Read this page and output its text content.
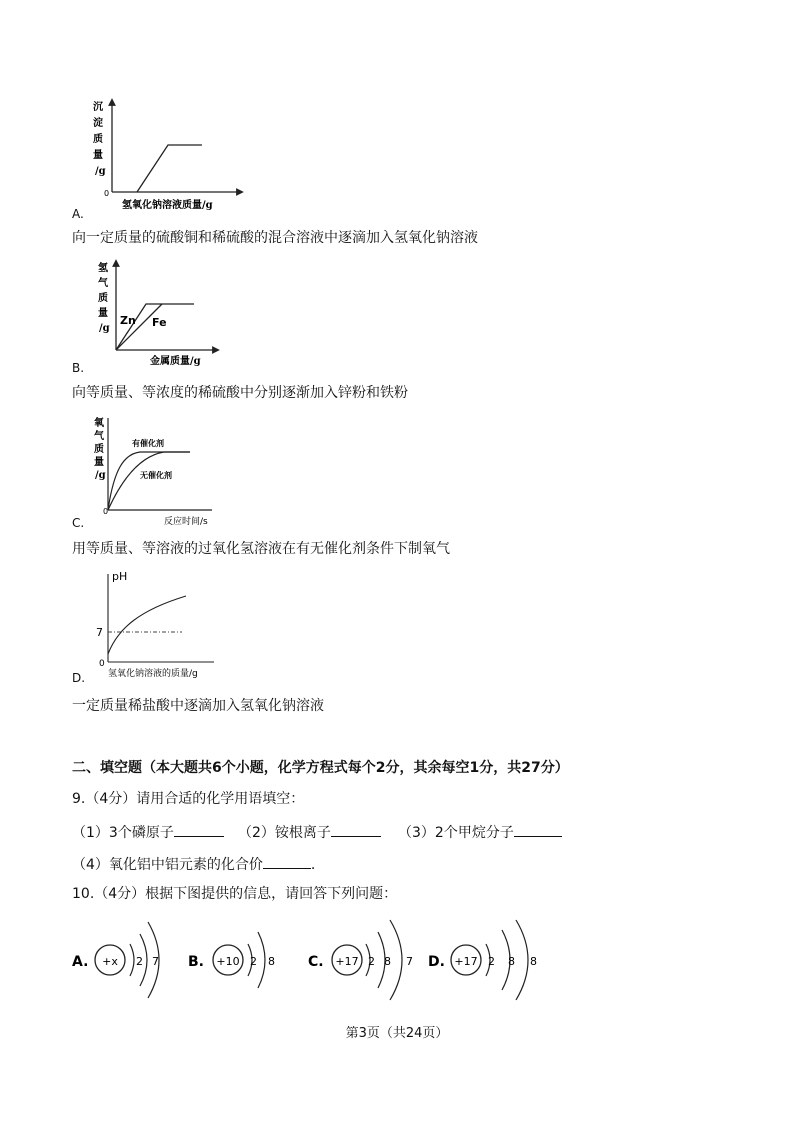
沉
淀
质
量
/g
0
氢氧化钠溶液质量/g
A.
向一定质量的硫酸铜和稀硫酸的混合溶液中逐滴加入氢氧化钠溶液
氢
气
质
量
/g
Zn Fe
金属质量/g
B.
向等质量、等浓度的稀硫酸中分别逐渐加入锌粉和铁粉
氧
气
质
量
/g
0
有催化剂
无催化剂
反应时间/s
C.
用等质量、等溶液的过氧化氢溶液在有无催化剂条件下制氧气
pH
7
0
氢氧化钠溶液的质量/g
D.
一定质量稀盐酸中逐滴加入氢氧化钠溶液
二、填空题（本大题共6个小题，化学方程式每个2分，其余每空1分，共27分）
9.（4分）请用合适的化学用语填空：
（1）3个磷原子	（2）铵根离子	（3）2个甲烷分子
（4）氧化铝中铝元素的化合价	.
10.（4分）根据下图提供的信息，请回答下列问题：
A. +x 2 7 B. +10 2 8 C. +17 2 8 7 D. +17 2 8 8
第3页（共24页）
